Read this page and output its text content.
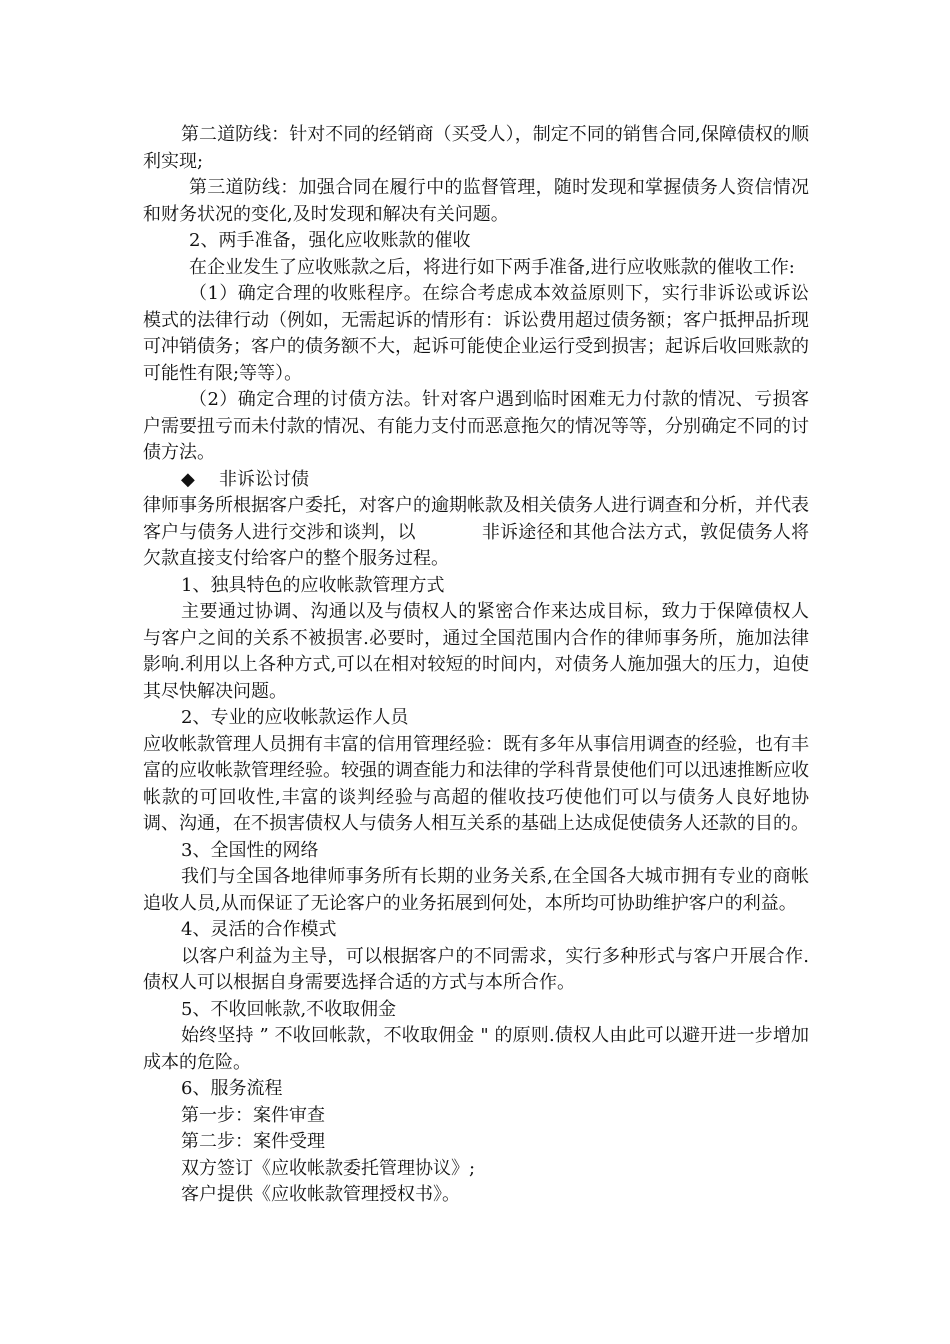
第二道防线：针对不同的经销商（买受人），制定不同的销售合同,保障债权的顺利实现;

第三道防线：加强合同在履行中的监督管理，随时发现和掌握债务人资信情况和财务状况的变化,及时发现和解决有关问题。

2、两手准备，强化应收账款的催收

在企业发生了应收账款之后，将进行如下两手准备,进行应收账款的催收工作:

（1）确定合理的收账程序。在综合考虑成本效益原则下，实行非诉讼或诉讼模式的法律行动（例如，无需起诉的情形有：诉讼费用超过债务额；客户抵押品折现可冲销债务；客户的债务额不大，起诉可能使企业运行受到损害；起诉后收回账款的可能性有限;等等）。

（2）确定合理的讨债方法。针对客户遇到临时困难无力付款的情况、亏损客户需要扭亏而未付款的情况、有能力支付而恶意拖欠的情况等等，分别确定不同的讨债方法。

◆ 非诉讼讨债

律师事务所根据客户委托，对客户的逾期帐款及相关债务人进行调查和分析，并代表客户与债务人进行交涉和谈判，以	非诉途径和其他合法方式，敦促债务人将欠款直接支付给客户的整个服务过程。

1、独具特色的应收帐款管理方式

主要通过协调、沟通以及与债权人的紧密合作来达成目标，致力于保障债权人与客户之间的关系不被损害.必要时，通过全国范围内合作的律师事务所，施加法律影响.利用以上各种方式,可以在相对较短的时间内，对债务人施加强大的压力，迫使其尽快解决问题。

2、专业的应收帐款运作人员

应收帐款管理人员拥有丰富的信用管理经验：既有多年从事信用调查的经验，也有丰富的应收帐款管理经验。较强的调查能力和法律的学科背景使他们可以迅速推断应收帐款的可回收性,丰富的谈判经验与高超的催收技巧使他们可以与债务人良好地协调、沟通，在不损害债权人与债务人相互关系的基础上达成促使债务人还款的目的。

3、全国性的网络

我们与全国各地律师事务所有长期的业务关系,在全国各大城市拥有专业的商帐追收人员,从而保证了无论客户的业务拓展到何处，本所均可协助维护客户的利益。

4、灵活的合作模式

以客户利益为主导，可以根据客户的不同需求，实行多种形式与客户开展合作.债权人可以根据自身需要选择合适的方式与本所合作。

5、不收回帐款,不收取佣金

始终坚持 ” 不收回帐款，不收取佣金 " 的原则.债权人由此可以避开进一步增加成本的危险。

6、服务流程

第一步：案件审查

第二步：案件受理

双方签订《应收帐款委托管理协议》;

客户提供《应收帐款管理授权书》。
